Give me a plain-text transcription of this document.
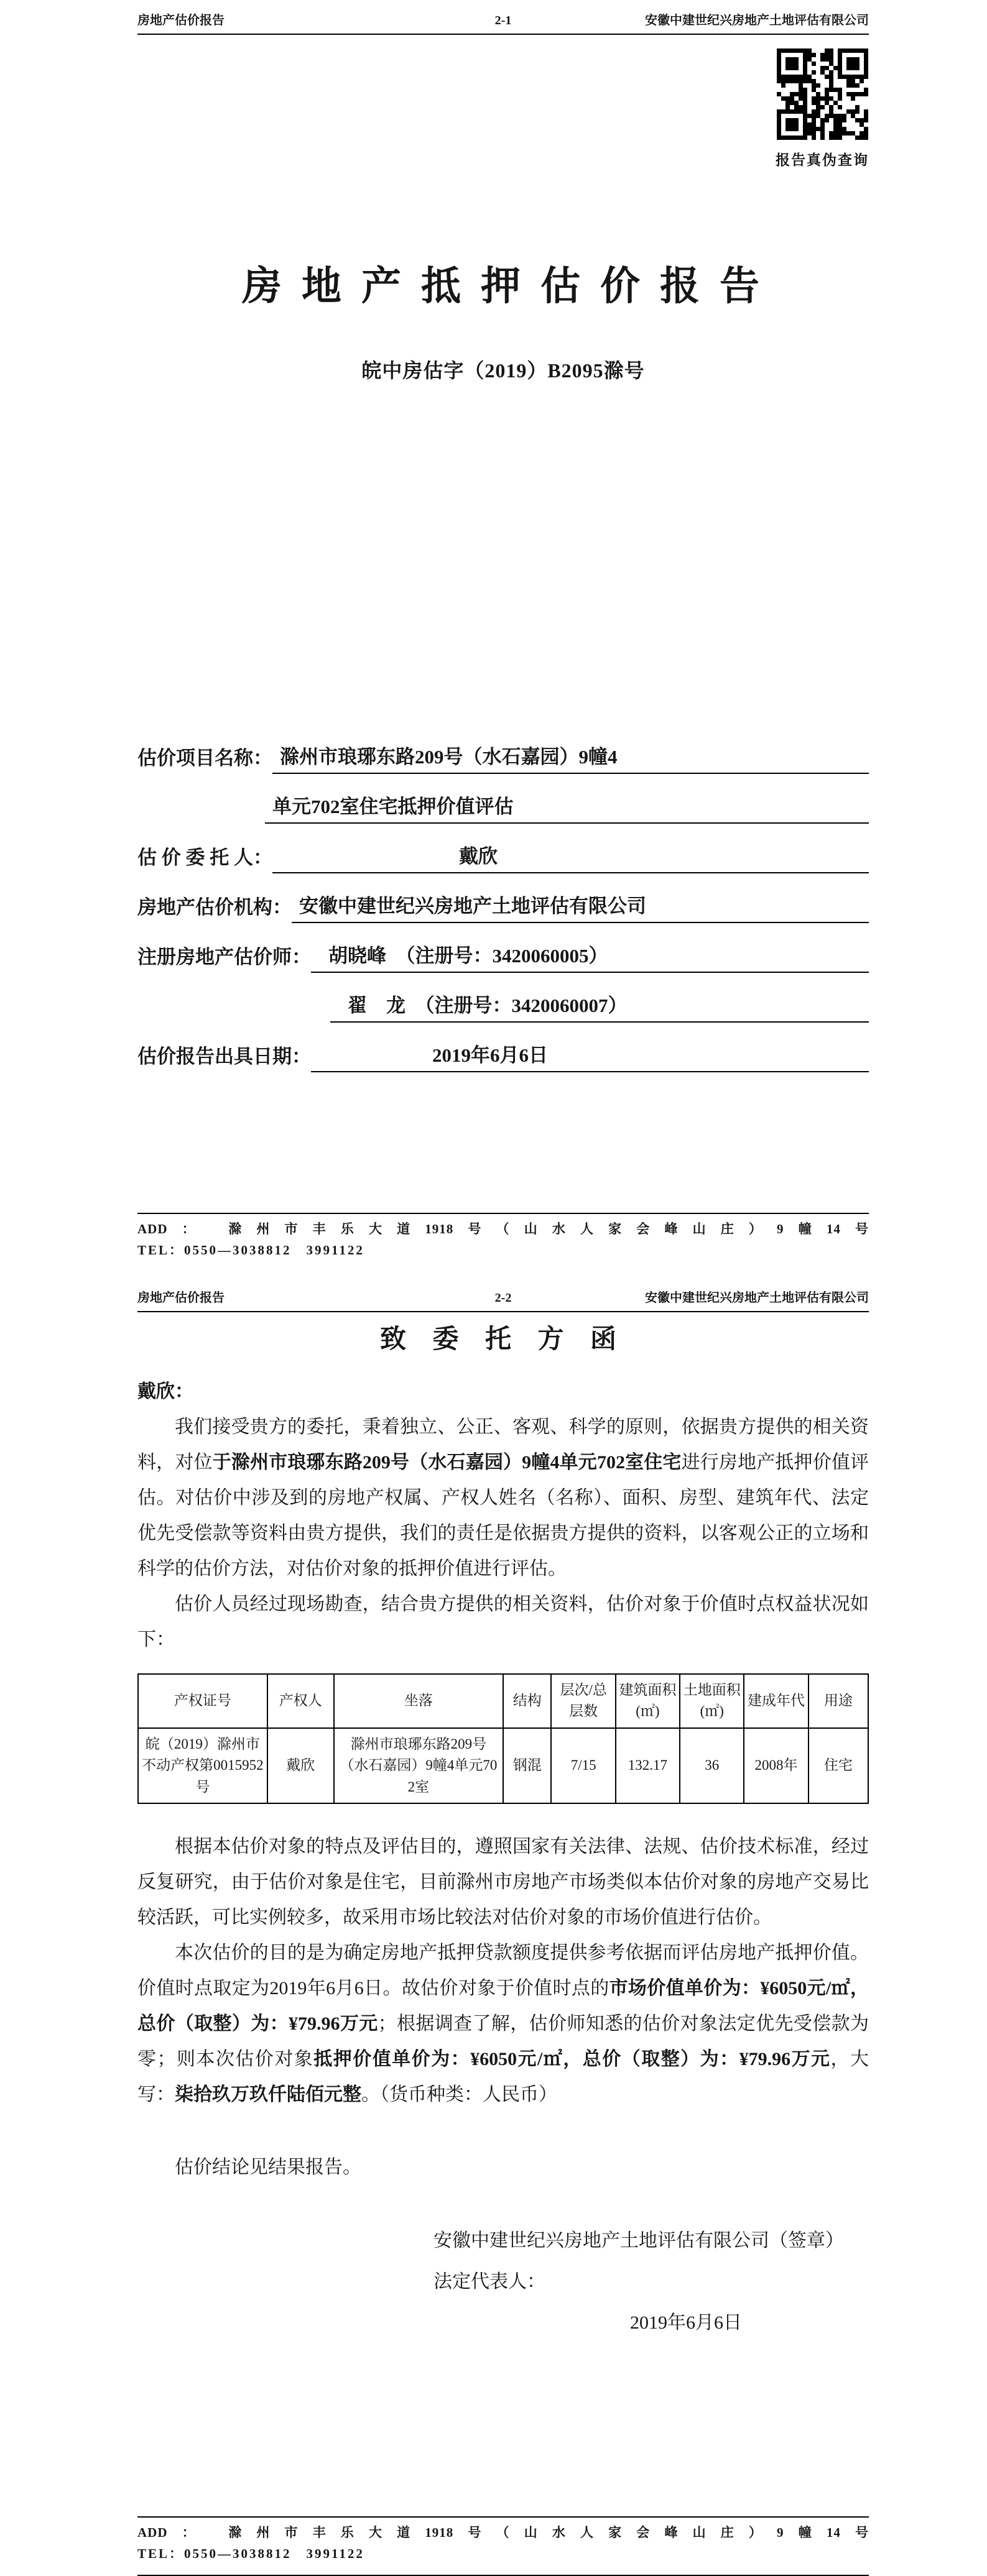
房地产估价报告	2-1	安徽中建世纪兴房地产土地评估有限公司
报告真伪查询
房 地 产 抵 押 估 价 报 告
皖中房估字（2019）B2095滁号
估价项目名称： 滁州市琅琊东路209号（水石嘉园）9幢4
单元702室住宅抵押价值评估
估 价 委 托 人：	戴欣
房地产估价机构： 安徽中建世纪兴房地产土地评估有限公司
注册房地产估价师： 胡晓峰　（注册号：3420060005）
翟　龙　（注册号：3420060007）
估价报告出具日期：	2019年6月6日
ADD： 滁州市丰乐大道1918号（山水人家会峰山庄）9幢14号
TEL：0550—3038812　3991122
房地产估价报告	2-2	安徽中建世纪兴房地产土地评估有限公司
致 委 托 方 函
戴欣：

我们接受贵方的委托，秉着独立、公正、客观、科学的原则，依据贵方提供的相关资料，对位于滁州市琅琊东路209号（水石嘉园）9幢4单元702室住宅进行房地产抵押价值评估。对估价中涉及到的房地产权属、产权人姓名（名称）、面积、房型、建筑年代、法定优先受偿款等资料由贵方提供，我们的责任是依据贵方提供的资料，以客观公正的立场和科学的估价方法，对估价对象的抵押价值进行评估。

估价人员经过现场勘查，结合贵方提供的相关资料，估价对象于价值时点权益状况如下：

产权证号	产权人	坐落	结构	层次/总层数	建筑面积(㎡)	土地面积(㎡)	建成年代	用途
皖（2019）滁州市不动产权第0015952号	戴欣	滁州市琅琊东路209号（水石嘉园）9幢4单元702室	钢混	7/15	132.17	36	2008年	住宅

根据本估价对象的特点及评估目的，遵照国家有关法律、法规、估价技术标准，经过反复研究，由于估价对象是住宅，目前滁州市房地产市场类似本估价对象的房地产交易比较活跃，可比实例较多，故采用市场比较法对估价对象的市场价值进行估价。

本次估价的目的是为确定房地产抵押贷款额度提供参考依据而评估房地产抵押价值。价值时点取定为2019年6月6日。故估价对象于价值时点的市场价值单价为：¥6050元/㎡，总价（取整）为：¥79.96万元；根据调查了解，估价师知悉的估价对象法定优先受偿款为零；则本次估价对象抵押价值单价为：¥6050元/㎡，总价（取整）为：¥79.96万元，大写：柒拾玖万玖仟陆佰元整。（货币种类：人民币）

估价结论见结果报告。

安徽中建世纪兴房地产土地评估有限公司（签章）
法定代表人：
2019年6月6日
ADD： 滁州市丰乐大道1918号（山水人家会峰山庄）9幢14号
TEL：0550—3038812　3991122
